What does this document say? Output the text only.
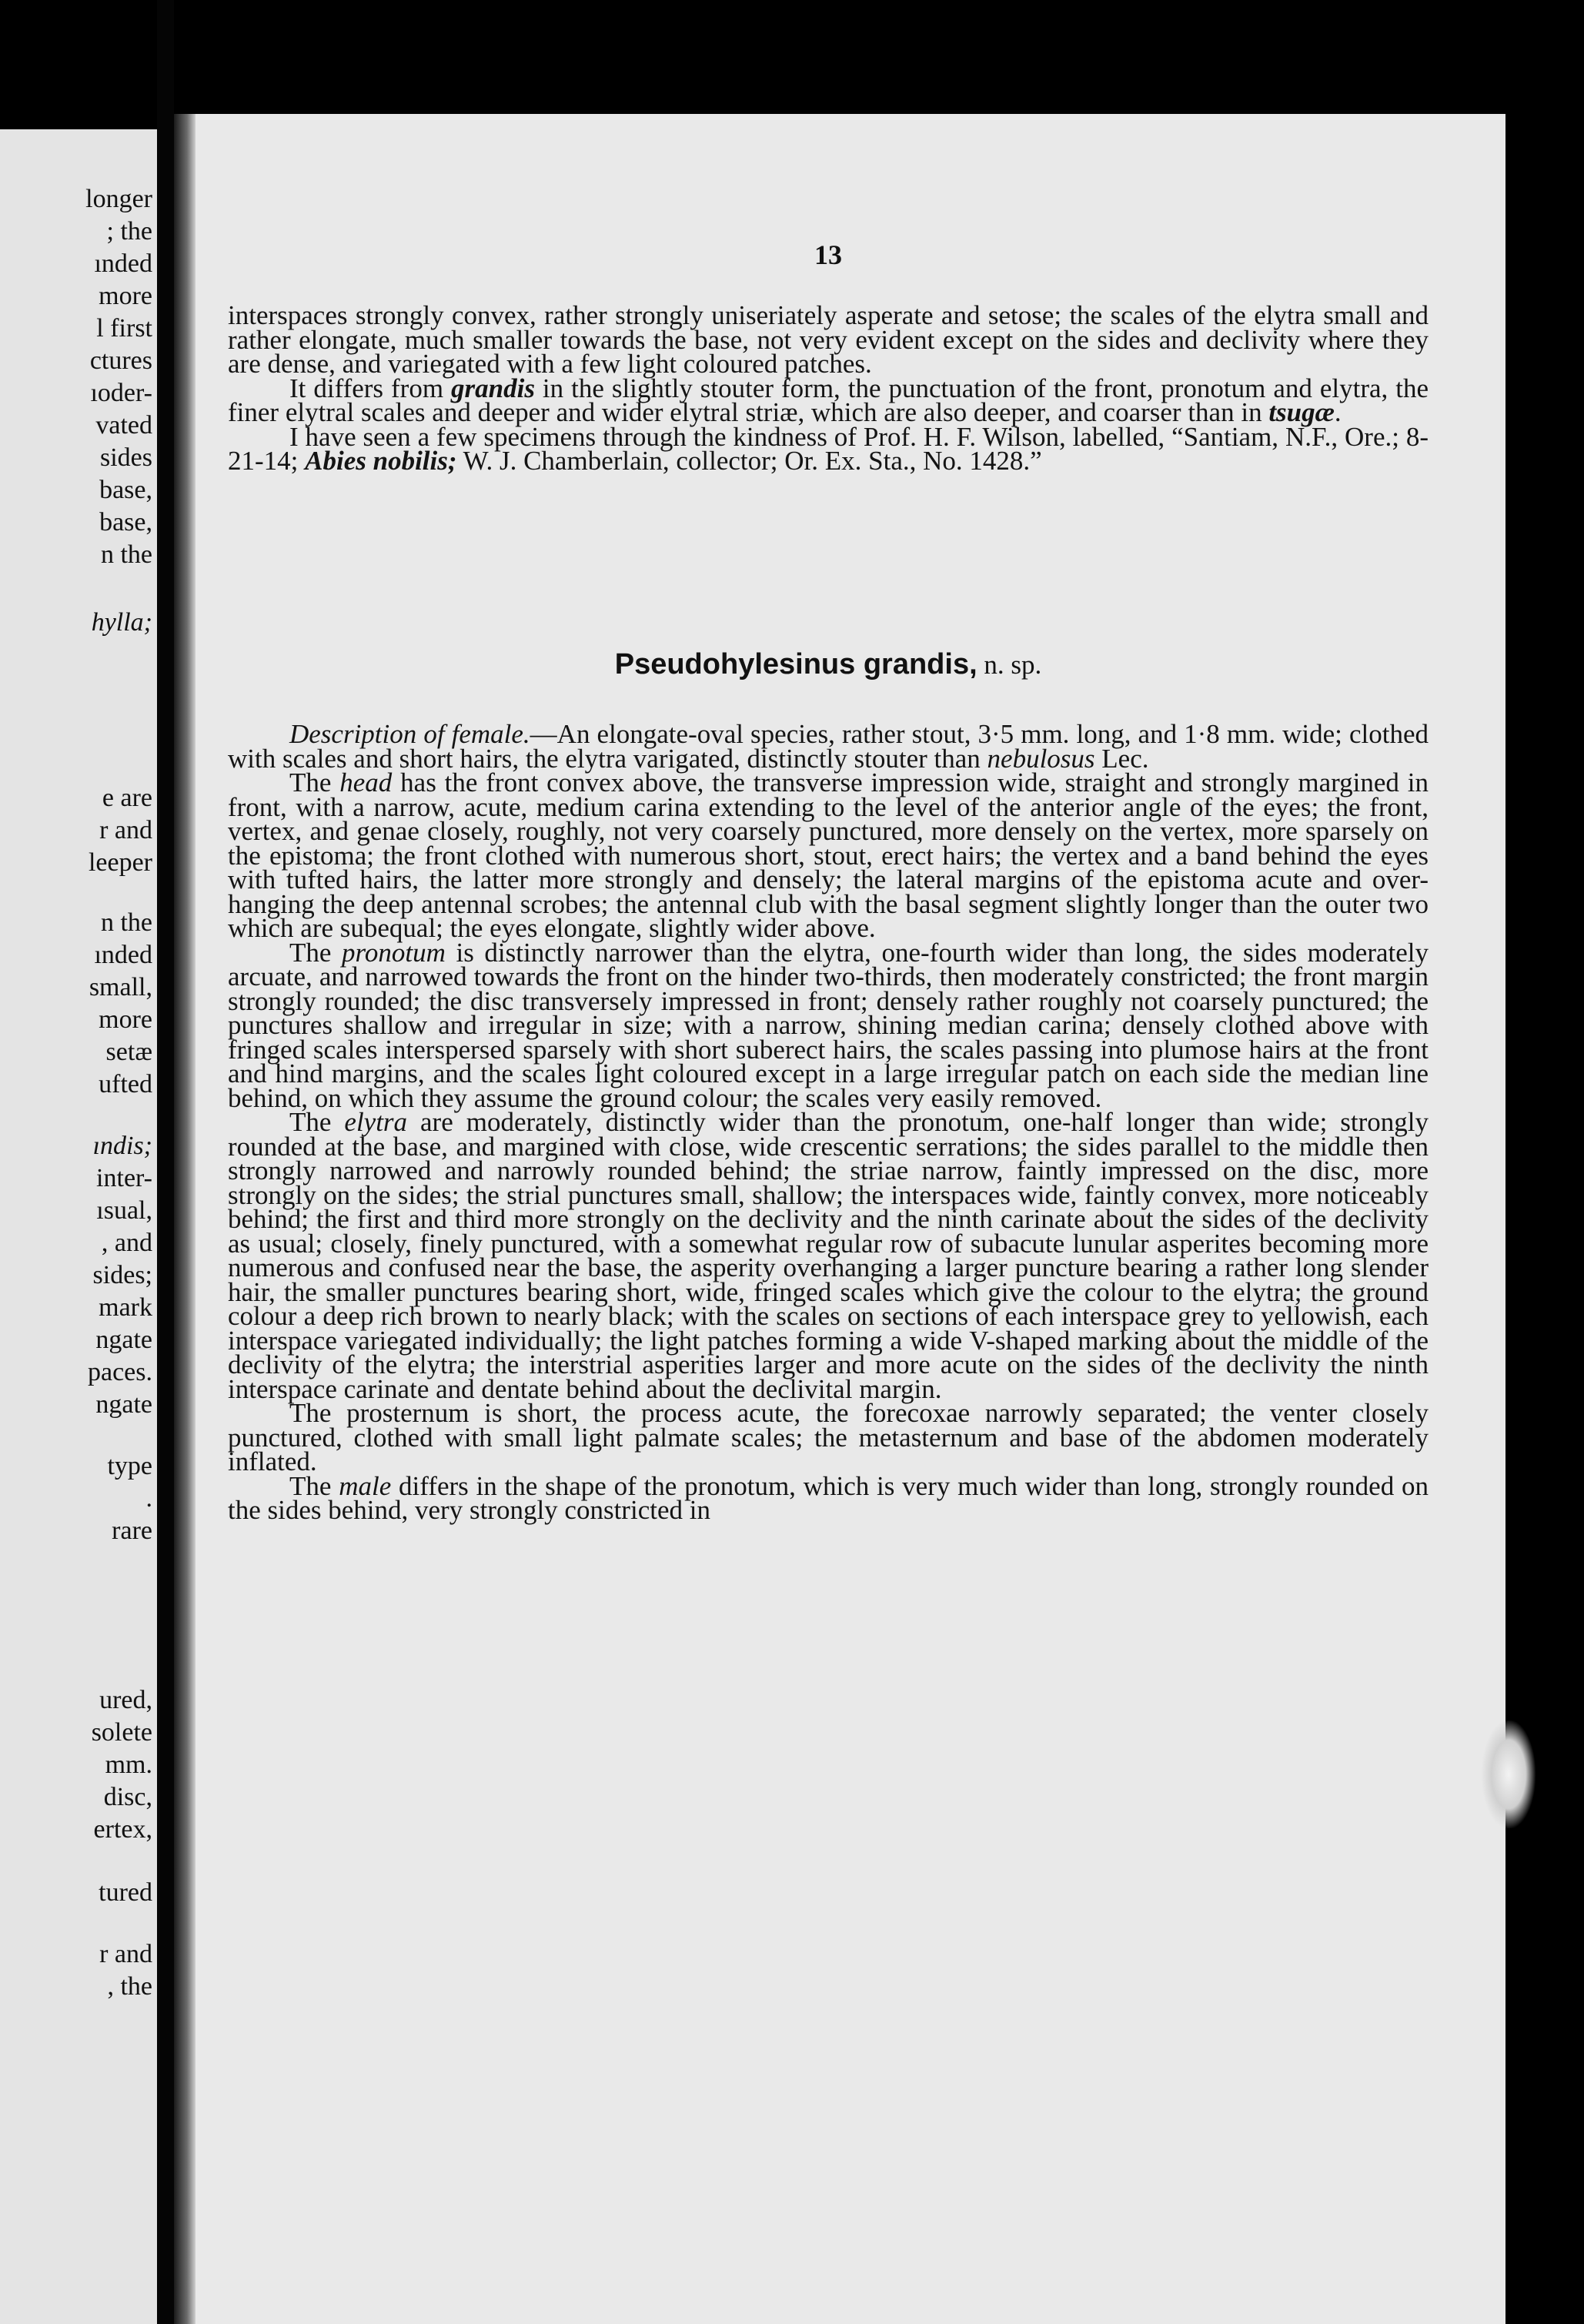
longer
; the
ınded
more
l first
ctures
ıoder-
vated
sides
base,
base,
n the
hylla;
e are
r and
leeper
n the
ınded
small,
more
setæ
ufted
ındis;
inter-
ısual,
, and
sides;
mark
ngate
paces.
ngate
type
.
rare
ured,
solete
mm.
disc,
ertex,
tured
r and
, the
13

interspaces strongly convex, rather strongly uniseriately asperate and setose; the scales of the elytra small and rather elongate, much smaller towards the base, not very evident except on the sides and declivity where they are dense, and variegated with a few light coloured patches.

It differs from grandis in the slightly stouter form, the punctuation of the front, pronotum and elytra, the finer elytral scales and deeper and wider elytral striæ, which are also deeper, and coarser than in tsugæ.

I have seen a few specimens through the kindness of Prof. H. F. Wilson, labelled, “Santiam, N.F., Ore.; 8-21-14; Abies nobilis; W. J. Chamberlain, collector; Or. Ex. Sta., No. 1428.”

Pseudohylesinus grandis, n. sp.

Description of female.—An elongate-oval species, rather stout, 3·5 mm. long, and 1·8 mm. wide; clothed with scales and short hairs, the elytra varigated, distinctly stouter than nebulosus Lec.

The head has the front convex above, the transverse impression wide, straight and strongly margined in front, with a narrow, acute, medium carina extending to the level of the anterior angle of the eyes; the front, vertex, and genae closely, roughly, not very coarsely punctured, more densely on the vertex, more sparsely on the epistoma; the front clothed with numerous short, stout, erect hairs; the vertex and a band behind the eyes with tufted hairs, the latter more strongly and densely; the lateral margins of the epistoma acute and over-hanging the deep antennal scrobes; the antennal club with the basal segment slightly longer than the outer two which are subequal; the eyes elongate, slightly wider above.

The pronotum is distinctly narrower than the elytra, one-fourth wider than long, the sides moderately arcuate, and narrowed towards the front on the hinder two-thirds, then moderately constricted; the front margin strongly rounded; the disc transversely impressed in front; densely rather roughly not coarsely punctured; the punctures shallow and irregular in size; with a narrow, shining median carina; densely clothed above with fringed scales interspersed sparsely with short suberect hairs, the scales passing into plumose hairs at the front and hind margins, and the scales light coloured except in a large irregular patch on each side the median line behind, on which they assume the ground colour; the scales very easily removed.

The elytra are moderately, distinctly wider than the pronotum, one-half longer than wide; strongly rounded at the base, and margined with close, wide crescentic serrations; the sides parallel to the middle then strongly narrowed and narrowly rounded behind; the striae narrow, faintly impressed on the disc, more strongly on the sides; the strial punctures small, shallow; the interspaces wide, faintly convex, more noticeably behind; the first and third more strongly on the declivity and the ninth carinate about the sides of the declivity as usual; closely, finely punctured, with a somewhat regular row of subacute lunular asperites becoming more numerous and confused near the base, the asperity overhanging a larger puncture bearing a rather long slender hair, the smaller punctures bearing short, wide, fringed scales which give the colour to the elytra; the ground colour a deep rich brown to nearly black; with the scales on sections of each interspace grey to yellowish, each interspace variegated individually; the light patches forming a wide V-shaped marking about the middle of the declivity of the elytra; the interstrial asperities larger and more acute on the sides of the declivity the ninth interspace carinate and dentate behind about the declivital margin.

The prosternum is short, the process acute, the forecoxae narrowly separated; the venter closely punctured, clothed with small light palmate scales; the metasternum and base of the abdomen moderately inflated.

The male differs in the shape of the pronotum, which is very much wider than long, strongly rounded on the sides behind, very strongly constricted in
